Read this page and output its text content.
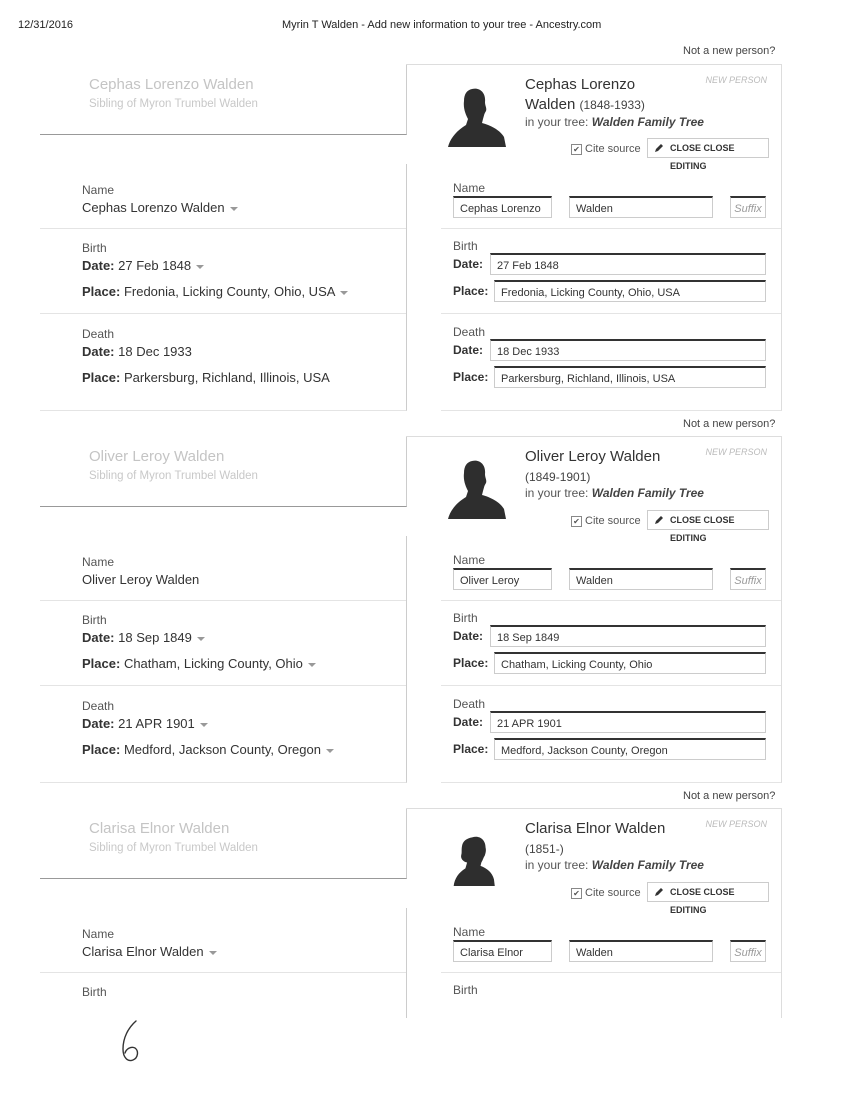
12/31/2016	Myrin T Walden - Add new information to your tree - Ancestry.com
Not a new person?
Cephas Lorenzo Walden
Sibling of Myron Trumbel Walden
Cephas Lorenzo
Walden (1848-1933)
in your tree: Walden Family Tree
NEW PERSON
✔ Cite source	CLOSE CLOSE EDITING
Name
Cephas Lorenzo Walden
Name
Cephas Lorenzo	Walden	Suffix
Birth
Date: 27 Feb 1848
Place: Fredonia, Licking County, Ohio, USA
Birth
Date:	27 Feb 1848
Place:	Fredonia, Licking County, Ohio, USA
Death
Date: 18 Dec 1933
Place: Parkersburg, Richland, Illinois, USA
Death
Date:	18 Dec 1933
Place:	Parkersburg, Richland, Illinois, USA
Not a new person?
Oliver Leroy Walden
Sibling of Myron Trumbel Walden
Oliver Leroy Walden
(1849-1901)
in your tree: Walden Family Tree
NEW PERSON
✔ Cite source	CLOSE CLOSE EDITING
Name
Oliver Leroy Walden
Name
Oliver Leroy	Walden	Suffix
Birth
Date: 18 Sep 1849
Place: Chatham, Licking County, Ohio
Birth
Date:	18 Sep 1849
Place:	Chatham, Licking County, Ohio
Death
Date: 21 APR 1901
Place: Medford, Jackson County, Oregon
Death
Date:	21 APR 1901
Place:	Medford, Jackson County, Oregon
Not a new person?
Clarisa Elnor Walden
Sibling of Myron Trumbel Walden
Clarisa Elnor Walden
(1851-)
in your tree: Walden Family Tree
NEW PERSON
✔ Cite source	CLOSE CLOSE EDITING
Name
Clarisa Elnor Walden
Name
Clarisa Elnor	Walden	Suffix
Birth	Birth
